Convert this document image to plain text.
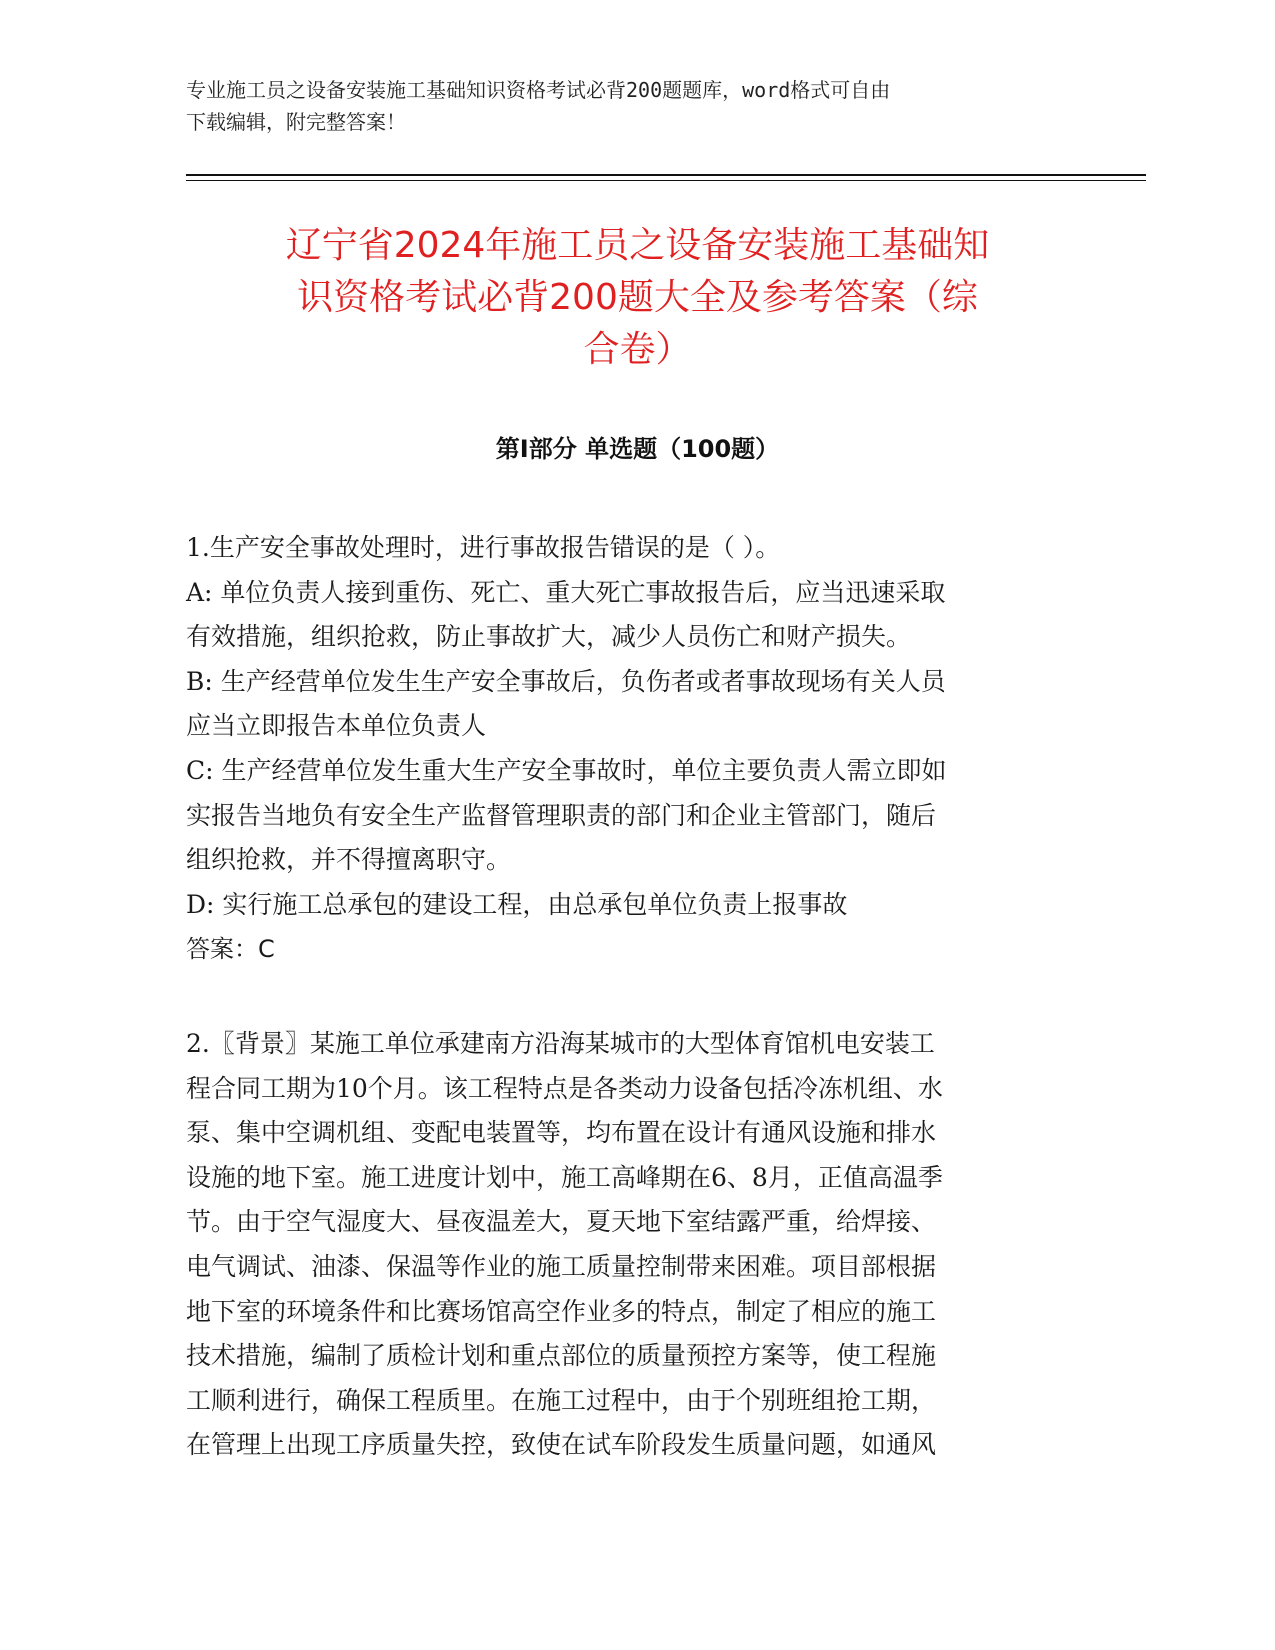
专业施工员之设备安装施工基础知识资格考试必背200题题库，word格式可自由
下载编辑，附完整答案！
辽宁省2024年施工员之设备安装施工基础知
识资格考试必背200题大全及参考答案（综
合卷）
第Ⅰ部分 单选题（100题）
1.生产安全事故处理时，进行事故报告错误的是（ ）。
A: 单位负责人接到重伤、死亡、重大死亡事故报告后，应当迅速采取
有效措施，组织抢救，防止事故扩大，减少人员伤亡和财产损失。
B: 生产经营单位发生生产安全事故后，负伤者或者事故现场有关人员
应当立即报告本单位负责人
C: 生产经营单位发生重大生产安全事故时，单位主要负责人需立即如
实报告当地负有安全生产监督管理职责的部门和企业主管部门，随后
组织抢救，并不得擅离职守。
D: 实行施工总承包的建设工程，由总承包单位负责上报事故
答案：C
2.〖背景〗某施工单位承建南方沿海某城市的大型体育馆机电安装工
程合同工期为10个月。该工程特点是各类动力设备包括冷冻机组、水
泵、集中空调机组、变配电装置等，均布置在设计有通风设施和排水
设施的地下室。施工进度计划中，施工高峰期在6、8月，正值高温季
节。由于空气湿度大、昼夜温差大，夏天地下室结露严重，给焊接、
电气调试、油漆、保温等作业的施工质量控制带来困难。项目部根据
地下室的环境条件和比赛场馆高空作业多的特点，制定了相应的施工
技术措施，编制了质检计划和重点部位的质量预控方案等，使工程施
工顺利进行，确保工程质里。在施工过程中，由于个别班组抢工期，
在管理上出现工序质量失控，致使在试车阶段发生质量问题，如通风
